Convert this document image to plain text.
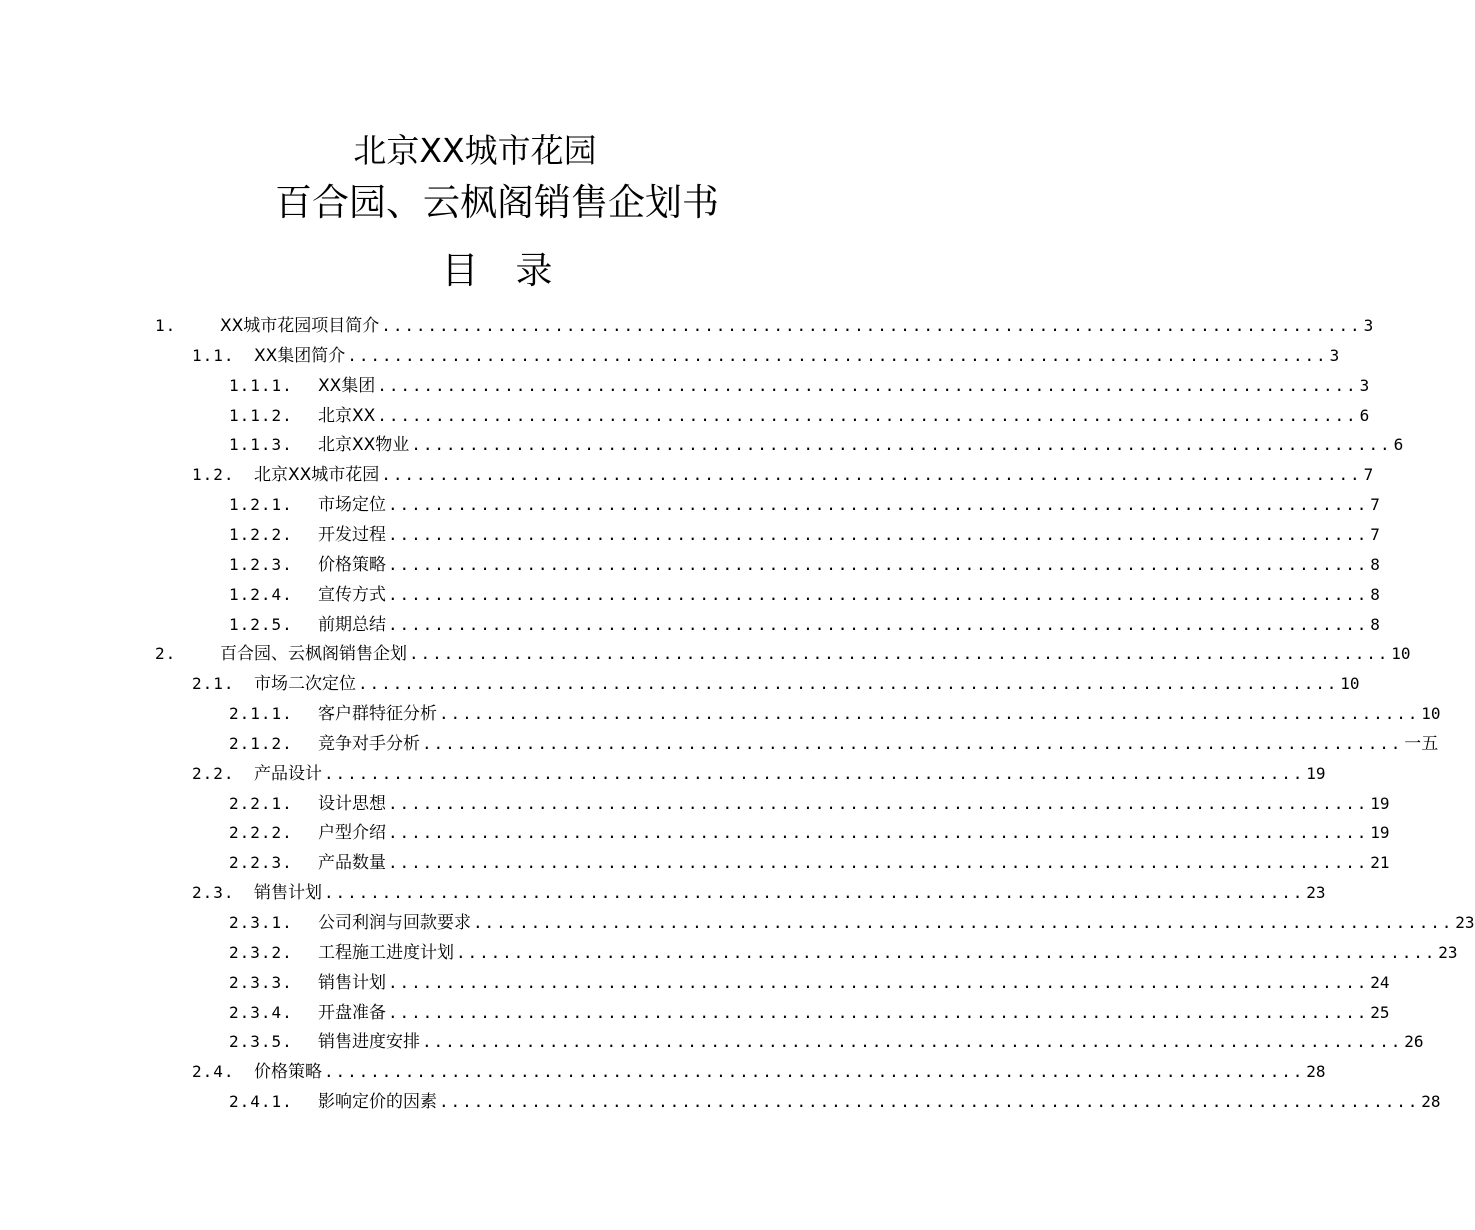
北京XX城市花园
百合园、云枫阁销售企划书
目　录
1.	XX城市花园项目简介 ..................................................................................... 3
1.1. XX集团简介 ..................................................................................... 3
1.1.1. XX集团 ..................................................................................... 3
1.1.2. 北京XX ..................................................................................... 6
1.1.3. 北京XX物业 ..................................................................................... 6
1.2. 北京XX城市花园 ..................................................................................... 7
1.2.1. 市场定位 ..................................................................................... 7
1.2.2. 开发过程 ..................................................................................... 7
1.2.3. 价格策略 ..................................................................................... 8
1.2.4. 宣传方式 ..................................................................................... 8
1.2.5. 前期总结 ..................................................................................... 8
2.	百合园、云枫阁销售企划 ..................................................................................... 10
2.1. 市场二次定位 ..................................................................................... 10
2.1.1. 客户群特征分析 ..................................................................................... 10
2.1.2. 竞争对手分析 ..................................................................................... 一五
2.2. 产品设计 ..................................................................................... 19
2.2.1. 设计思想 ..................................................................................... 19
2.2.2. 户型介绍 ..................................................................................... 19
2.2.3. 产品数量 ..................................................................................... 21
2.3. 销售计划 ..................................................................................... 23
2.3.1. 公司利润与回款要求 ..................................................................................... 23
2.3.2. 工程施工进度计划 ..................................................................................... 23
2.3.3. 销售计划 ..................................................................................... 24
2.3.4. 开盘准备 ..................................................................................... 25
2.3.5. 销售进度安排 ..................................................................................... 26
2.4. 价格策略 ..................................................................................... 28
2.4.1. 影响定价的因素 ..................................................................................... 28
